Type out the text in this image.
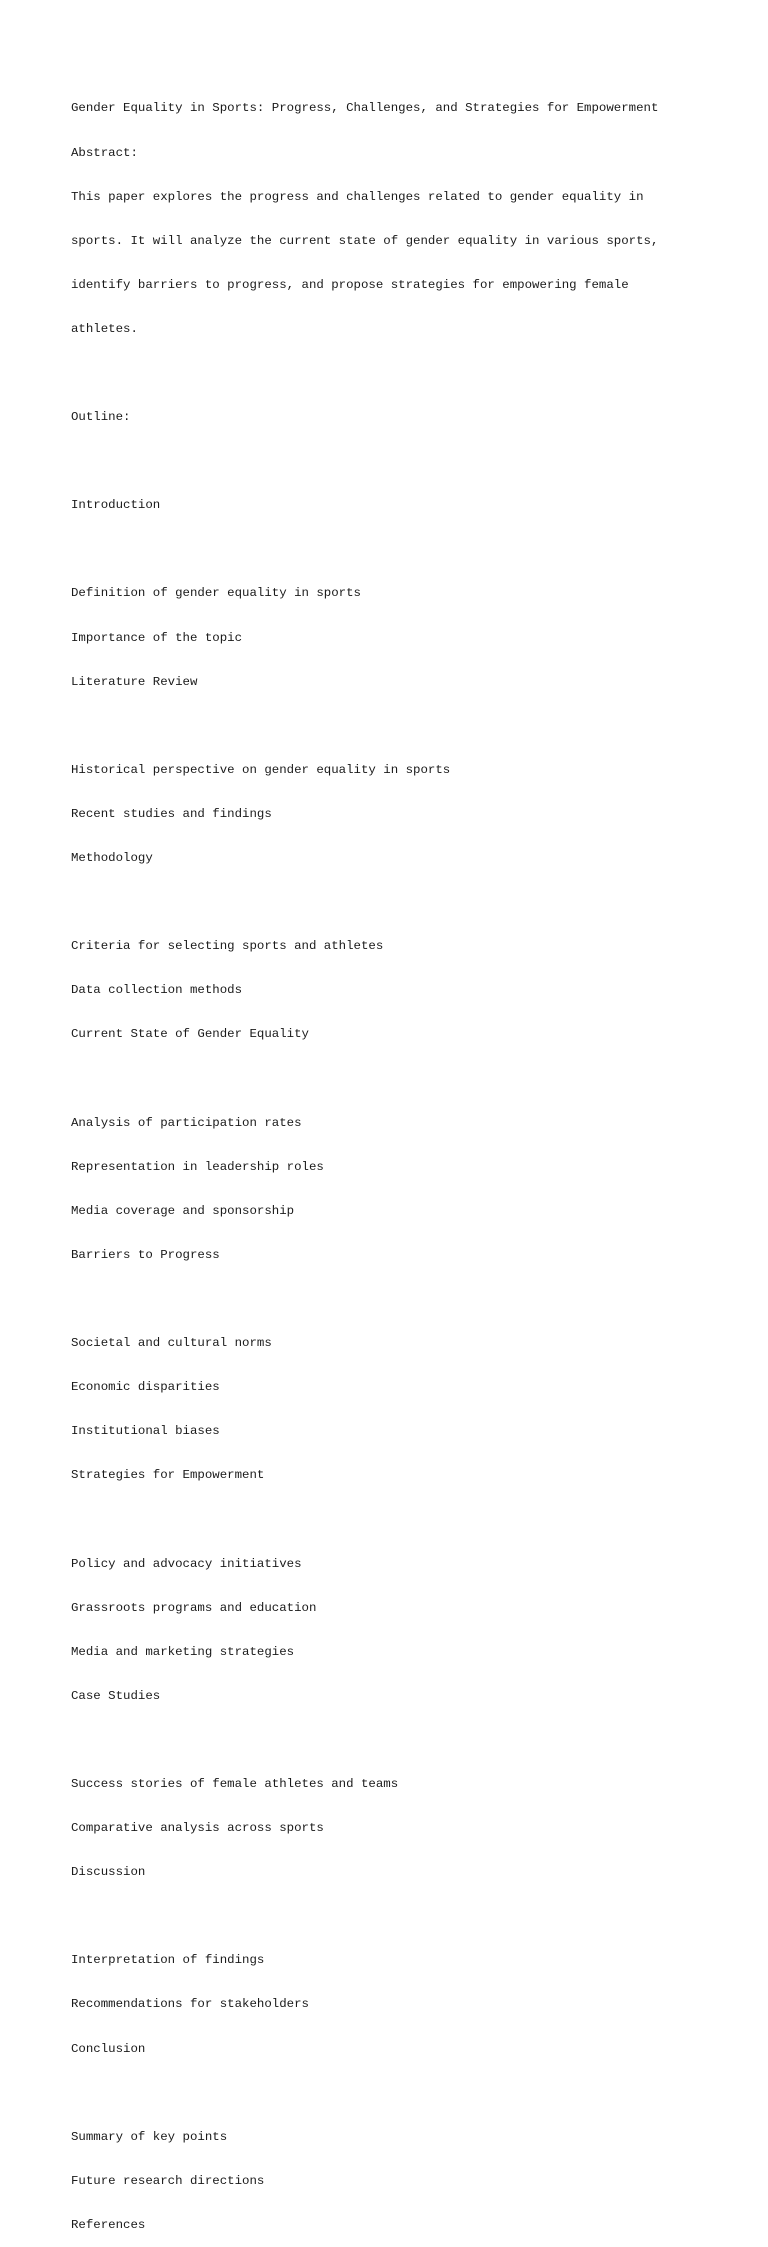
Gender Equality in Sports: Progress, Challenges, and Strategies for Empowerment

Abstract:

This paper explores the progress and challenges related to gender equality in

sports. It will analyze the current state of gender equality in various sports,

identify barriers to progress, and propose strategies for empowering female

athletes.

Outline:

Introduction

Definition of gender equality in sports

Importance of the topic

Literature Review

Historical perspective on gender equality in sports

Recent studies and findings

Methodology

Criteria for selecting sports and athletes

Data collection methods

Current State of Gender Equality

Analysis of participation rates

Representation in leadership roles

Media coverage and sponsorship

Barriers to Progress

Societal and cultural norms

Economic disparities

Institutional biases

Strategies for Empowerment

Policy and advocacy initiatives

Grassroots programs and education

Media and marketing strategies

Case Studies

Success stories of female athletes and teams

Comparative analysis across sports

Discussion

Interpretation of findings

Recommendations for stakeholders

Conclusion

Summary of key points

Future research directions

References
